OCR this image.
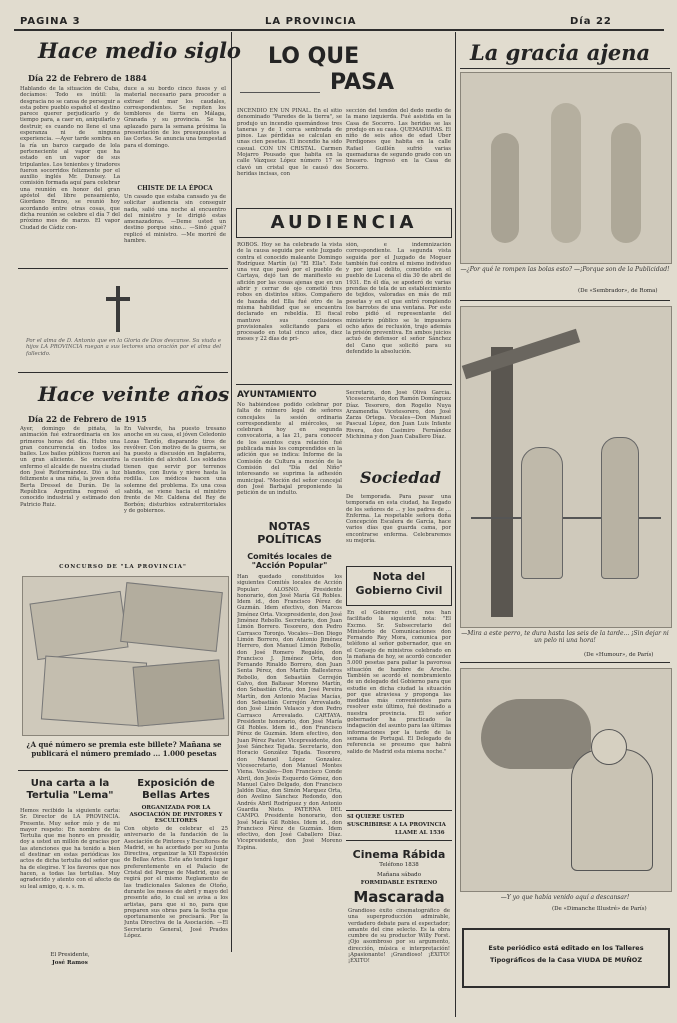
PAGINA 3	LA PROVINCIA	Día 22
Hace medio siglo
Día 22 de Febrero de 1884
Hablando de la situación de Cuba, decíamos: Todo es inútil: la desgracia no se cansa de perseguir a esta pobre pueblo español el destino parece querer perjudicarlo y de tiempo para, a caer en, aniquilarlo y destruir, es cuando no llene el una esperanza ni de ninguna experiencia. —Ayer tarde sombra en la ría un barco cargado de lola perteneciente al vapor que ha estado en un vapor de sus tripulantes. Los tenientes y tiradores fueron socorridos felizmente por el auxilio inglés Mr. Dunsey. La comisión formada aquí para celebrar una reunión en honor del gran apóstol del libre pensamiento, Giordano Bruno, se reunió hoy acordando entre otras cosas, que dicha reunión se celebre el día 7 del próximo mes de marzo. El vapor Ciudad de Cádiz con-
duce a su bordo cinco fusos y el material necesario para proceder a extraer del mar los caudales, correspondientes. Se repiten los temblores de tierra en Málaga, Granada y su provincia. Se ha aplazado para la semana próxima la presentación de los presupuestos a las Cortes. Se anuncia una tempestad para el domingo.
CHISTE DE LA ÉPOCA
Un casado que estaba cansado ya de solicitar audiencia sin conseguir nada, salió una noche al encuentro del ministro y le dirigió estas amenazadoras. —Deme usted un destino porque sino... —Sinó ¿qué? replicó el ministro. —Me moriré de hambre.
Por el alma de D. Antonio que en la Gloria de Dios descanse. Su viuda e hijos LA PROVINCIA ruegan a sus lectores una oración por el alma del fallecido.
Hace veinte años
Día 22 de Febrero de 1915
Ayer, domingo de piñata, la animación fué extraordinaria en los primeros horas del día. Hubo una gran concurrencia en todos los bailes. Los bailes públicos fueron así un gran aliciente. Se encuentra enfermo el alcalde de nuestra ciudad don José Reiformández. Dió a luz felizmente a una niña, la joven doña Berta Dressel de Durán. De la República Argentina regresó el conocido industrial y estimado don Patricio Ruiz.
En Valverde, ha puesto tresano anoche en su casa, el jóven Celedonio Lozas Tardío, disparando tiros de revólver. Con motivo de la guerra, se ha puesto a discusión en Inglaterra, la cuestión del alcohol. Los soldados tienen que servir por terrenos blandos, con lluvia y nieve hasta la rodilla. Los médicos hacen una solemne del problema. Es una cosa sabida, se viene hacia el ministro frente de Mr. Caldena del Rey de Borbón; disturbios extraterritoriales y de gobiernos.
CONCURSO DE "LA PROVINCIA"
¿A qué número se premia este billete? Mañana se publicará el número premiado ... 1.000 pesetas
Una carta a la Tertulia "Lema"
Hemos recibido la siguiente carta: Sr. Director de LA PROVINCIA. Presente. Muy señor mío y de mi mayor respeto: En nombre de la Tertulia que me honro en presidir, doy a usted un millón de gracias por las atenciones que ha tenido a bien el destinar en estas periódicas los actos de dicha tertulia del señor que ha de elegirse. Y los favores que nos hacen, a todas las tertulias. Muy agradecido y atento con el afecto de su leal amigo, q. s. s. m.
El Presidente,
José Ramos
Exposición de Bellas Artes
ORGANIZADA POR LA ASOCIACIÓN DE PINTORES Y ESCULTORES
Con objeto de celebrar el 25 aniversario de la fundación de la Asociación de Pintores y Escultores de Madrid, se ha acordado por su Junta Directiva, organizar la XII Exposición de Bellas Artes. Este año tendrá lugar preferentemente en el Palacio de Cristal del Parque de Madrid, que se regirá por el mismo Reglamento de las tradicionales Salones de Otoño, durante los meses de abril y mayo del presente año, lo cual se avisa a los artistas, para que si no, para que preparen sus obras para la fecha que oportunamente se precisará. Por la Junta Directiva de la Asociación. —El Secretario General, José Prados López.
LO QUE
PASA
INCENDIO EN UN PINAL. En el sitio denominado "Paredes de la tierra", se produjo un incendio quemándose tres taneras y de 1 cerca sembrada de pinos. Las pérdidas se calculan en unas cien pesetas. El incendio ha sido casual. CON UN CRISTAL. Carmen Mojarro Pousado que habita en la calle Vázquez López número 17 se clavó un cristal que le causó dos heridas incisas, con
sección del tendón del dedo medio de la mano izquierda. Fué asistida en la Casa de Socorro. Las heridas se las produjo en su casa. QUEMADURAS. El niño de seis años de edad Uber Perdigones que habita en la calle Rafael Guillén sufrió varias quemaduras de segundo grado con un brasero. Ingresó en la Casa de Socorro.
AUDIENCIA
ROBOS. Hoy se ha celebrado la vista de la causa seguida por este Juzgado contra el conocido maleante Domingo Rodríguez Martín (a) "El Ella". Este una vez que pasó por el pueblo de Cartaya, dejó tan de manifiesto su afición por las cosas ajenas que en un abrir y cerrar de ojo cometió tres robos en distintos sitios. Compañero de hazaña del Ella fué otro de la misma habilidad que se encuentra declarado en rebeldía. El fiscal mantuvo sus conclusiones provisionales solicitando para el procesado en total cinco años, diez meses y 22 días de pri-
sión, e indemnización correspondiente. La segunda vista seguida por el Juzgado de Moguer también fué contra el mismo individuo y por igual delito, cometido en el pueblo de Lucena el día 30 de abril de 1931. En él día, se apoderó de varias prendas de tela de un establecimiento de tejidos, valoradas en más de mil pesetas y en el que entró rompiendo los barrotes de una ventana. Por este robo pidió el representante del ministerio público se le impusiera ocho años de reclusión, trajo además la prisión preventiva. En ambos juicios actuó de defensor el señor Sánchez del Cano que solicitó para su defendido la absolución.
AYUNTAMIENTO
No habiéndose podido celebrar por falta de número legal de señores concejales la sesión ordinaria correspondiente al miércoles, se celebrará hoy en segunda convocatoria, a las 21, para conocer de los asuntos cuya relación fué publicada más los comprendidos en la adición que se indica: Informe de la Comisión de Cultura a moción de la Comisión del "Día del Niño" interesando se suprima la adhesión municipal. "Moción del señor concejal don José Barbajal proponiendo la petición de un indulto.
Secretario, don José Olivá García. Vicesecretario, don Ramón Domínguez Díaz. Tesorero, don Rogelio Nuya Arzamendia. Vicetesorero, don José Zarza Ortega. Vocales—Don Manuel Pascual López, don Juan Luis Infante Rivera, don Casimiro Fernández Michinina y don Juan Caballero Díaz.
Sociedad
De temporada. Para pasar una temporada en esta ciudad, ha llegado de los señores de ... y los padres de ... Enferma. La respetable señora doña Concepción Escalera de García, hace varios días que guarda cama, por encontrarse enferma. Celebraremos su mejoría.
NOTAS POLÍTICAS
Comités locales de "Acción Popular"
Han quedado constituidos los siguientes Comités locales de Acción Popular: ALOSNO. Presidente honorario, don José María Gil Robles. Idem id., don Francisco Pérez de Guzmán. Idem efectivo, don Marcos Jiménez Orta. Vicepresidente, don José Jiménez Rebollo. Secretario, don Juan Limón Borrero. Tesorero, don Pedro Carrasco Toronjo. Vocales—Don Diego Limón Borrero, don Antonio Jiménez Herrero, don Manuel Limón Rebollo, don José Romero Regalón, don Francisco J. Jiménez Orta, don Fernando Rinaldo Borrero, don Juan Senta Pérez, don Martín Ballesteros Rebollo, don Sebastián Cerrejón Calvo, don Baltasar Moreno Martín, don Sebastián Orta, don José Pereira Martín, don Antonio Macías Macías, don Sebastián Cerrejón Arrevalado, don José Limón Velasco y don Pedro Carrasco Arrevalado. CARTAYA. Presidente honorario, don José María Gil Robles. Idem id., don Francisco Pérez de Guzmán. Idem efectivo, don Juan Pérez Pastor. Vicepresidente, don José Sánchez Tejada. Secretario, don Horacio González Tejada. Tesorero, don Manuel López Gonzalez. Vicesecretario, don Manuel Montes Viena. Vocales—Don Francisco Conde Abril, don Jesús Esquerdo Gómez, don Manuel Calvo Delgado, don Francisco Jaldón Díaz, don Simón Marquez Orta, don Avelino Sánchez Redondo, don Andrés Abril Rodríguez y don Antonio Guardia Nieto. PATERNA DEL CAMPO. Presidente honorario, don José María Gil Robles. Idem id., don Francisco Pérez de Guzmán. Idem efectivo, don José Caballero Díaz. Vicepresidente, don José Moreno Espina.
Nota del Gobierno Civil
En el Gobierno civil, nos han facilitado la siguiente nota: "El Excmo. Sr. Subsecretario del Ministerio de Comunicaciones don Fernando Rey Mora, comunica por teléfono al señor gobernador, que en el Consejo de ministros celebrado en la mañana de hoy, se acordó conceder 5.000 pesetas para paliar la pavorosa situación de hambre de Aroche. También se acordó el nombramiento de un delegado del Gobierno para que estudie en dicha ciudad la situación por que atraviesa y proponga las medidas más convenientes para resolver este último, fué destinado a nuestra provincia. El señor gobernador ha practicado la indagación del asunto para las últimas informaciones por la tarde de la semana de Portugal. El Delegado de referencia se presumo que habrá salido de Madrid esta misma noche."
SI QUIERE USTED
SUSCRIBIRSE A LA PROVINCIA
LLAME AL 1536
Cinema Rábida
Teléfono 1838
Mañana sábado
FORMIDABLE ESTRENO
Mascarada
Grandioso éxito cinematográfico de una superproducción admirable, verdadero debate para el espectador; amante del cine selecto. Es la obra cumbre de su productor Willy Forst. ¡Ojo asombroso por su argumento, dirección, música e interpretación! ¡Apasionante! ¡Grandioso! ¡ÉXITO! ¡ÉXITO!
La gracia ajena
—¿Por qué le rompen las bolas esto? —¡Porque son de la Publicidad!
(De «Sembrador», de Roma)
—Mira a este perro, te dura hasta las seis de la tarde... ¡Sin dejar ni un pelo ni una hora!
(De «Humour», de París)
—Y yo que había venido aquí a descansar!
(De «Dimanche Illustré» de París)
Este periódico está editado en los Talleres
Tipográficos de la Casa VIUDA DE MUÑOZ
